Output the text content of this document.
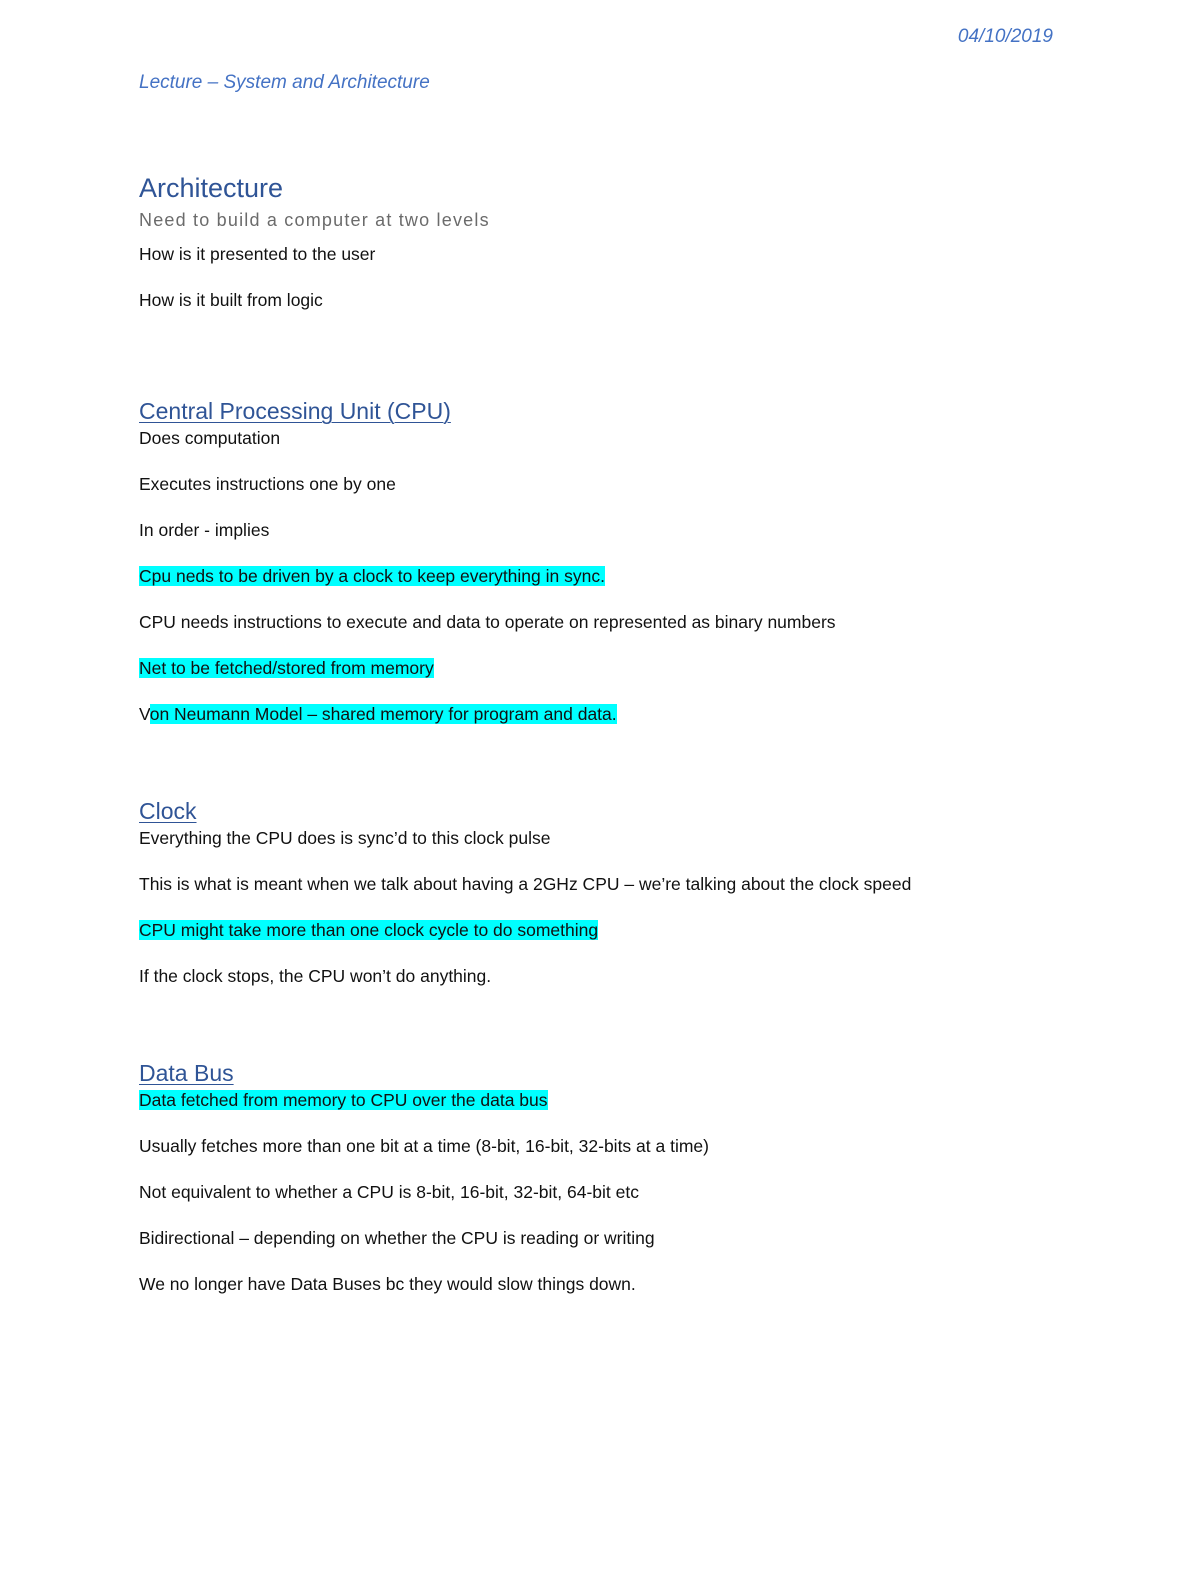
04/10/2019
Lecture – System and Architecture
Architecture
Need to build a computer at two levels
How is it presented to the user
How is it built from logic
Central Processing Unit (CPU)
Does computation
Executes instructions one by one
In order - implies
Cpu neds to be driven by a clock to keep everything in sync.
CPU needs instructions to execute and data to operate on represented as binary numbers
Net to be fetched/stored from memory
Von Neumann Model – shared memory for program and data.
Clock
Everything the CPU does is sync’d to this clock pulse
This is what is meant when we talk about having a 2GHz CPU – we’re talking about the clock speed
CPU might take more than one clock cycle to do something
If the clock stops, the CPU won’t do anything.
Data Bus
Data fetched from memory to CPU over the data bus
Usually fetches more than one bit at a time (8-bit, 16-bit, 32-bits at a time)
Not equivalent to whether a CPU is 8-bit, 16-bit, 32-bit, 64-bit etc
Bidirectional – depending on whether the CPU is reading or writing
We no longer have Data Buses bc they would slow things down.
